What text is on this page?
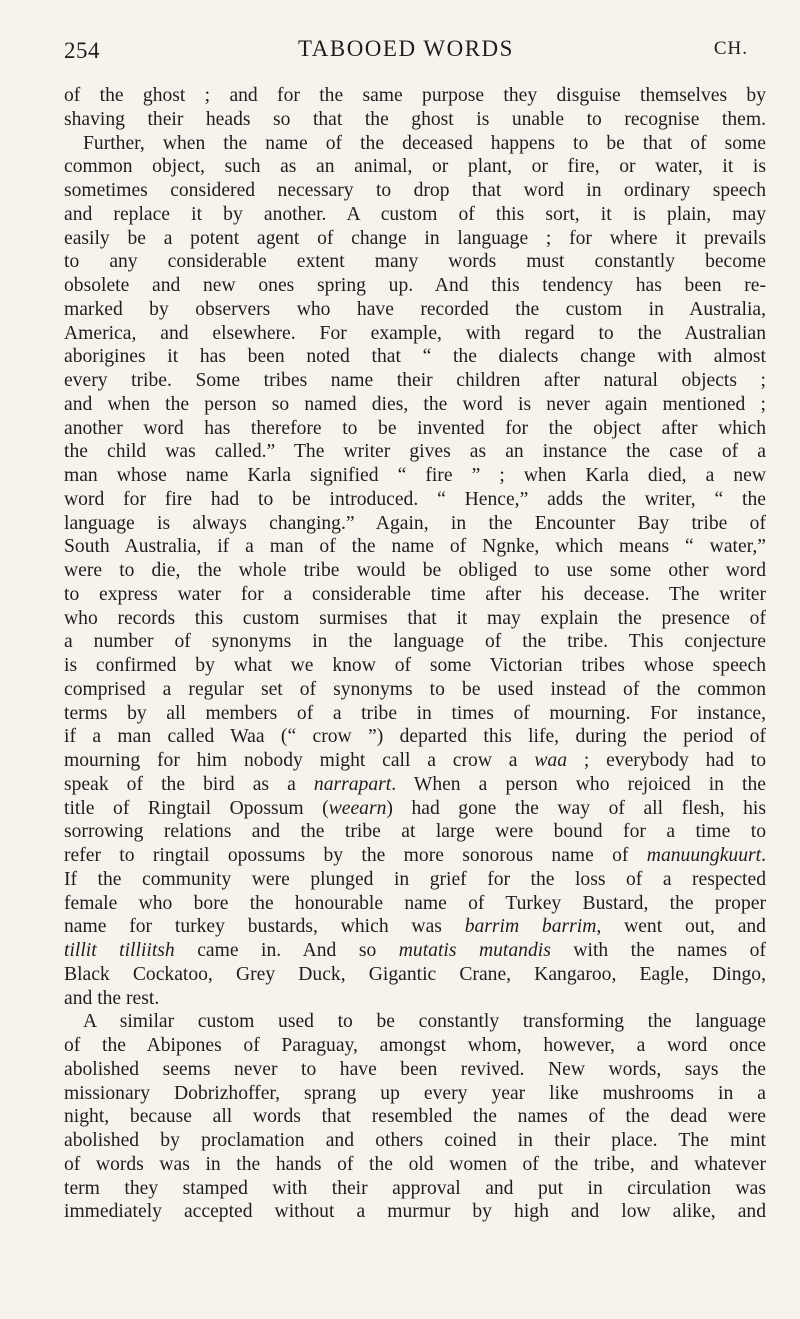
254	TABOOED WORDS	CH.
of the ghost ; and for the same purpose they disguise themselves by
shaving their heads so that the ghost is unable to recognise them.
Further, when the name of the deceased happens to be that of some
common object, such as an animal, or plant, or fire, or water, it is
sometimes considered necessary to drop that word in ordinary speech
and replace it by another. A custom of this sort, it is plain, may
easily be a potent agent of change in language ; for where it prevails
to any considerable extent many words must constantly become
obsolete and new ones spring up. And this tendency has been re-
marked by observers who have recorded the custom in Australia,
America, and elsewhere. For example, with regard to the Australian
aborigines it has been noted that “ the dialects change with almost
every tribe. Some tribes name their children after natural objects ;
and when the person so named dies, the word is never again mentioned ;
another word has therefore to be invented for the object after which
the child was called.” The writer gives as an instance the case of a
man whose name Karla signified “ fire ” ; when Karla died, a new
word for fire had to be introduced. “ Hence,” adds the writer, “ the
language is always changing.” Again, in the Encounter Bay tribe of
South Australia, if a man of the name of Ngnke, which means “ water,”
were to die, the whole tribe would be obliged to use some other word
to express water for a considerable time after his decease. The writer
who records this custom surmises that it may explain the presence of
a number of synonyms in the language of the tribe. This conjecture
is confirmed by what we know of some Victorian tribes whose speech
comprised a regular set of synonyms to be used instead of the common
terms by all members of a tribe in times of mourning. For instance,
if a man called Waa (“ crow ”) departed this life, during the period of
mourning for him nobody might call a crow a waa ; everybody had to
speak of the bird as a narrapart. When a person who rejoiced in the
title of Ringtail Opossum (weearn) had gone the way of all flesh, his
sorrowing relations and the tribe at large were bound for a time to
refer to ringtail opossums by the more sonorous name of manuungkuurt.
If the community were plunged in grief for the loss of a respected
female who bore the honourable name of Turkey Bustard, the proper
name for turkey bustards, which was barrim barrim, went out, and
tillit tilliitsh came in. And so mutatis mutandis with the names of
Black Cockatoo, Grey Duck, Gigantic Crane, Kangaroo, Eagle, Dingo,
and the rest.
A similar custom used to be constantly transforming the language
of the Abipones of Paraguay, amongst whom, however, a word once
abolished seems never to have been revived. New words, says the
missionary Dobrizhoffer, sprang up every year like mushrooms in a
night, because all words that resembled the names of the dead were
abolished by proclamation and others coined in their place. The mint
of words was in the hands of the old women of the tribe, and whatever
term they stamped with their approval and put in circulation was
immediately accepted without a murmur by high and low alike, and
